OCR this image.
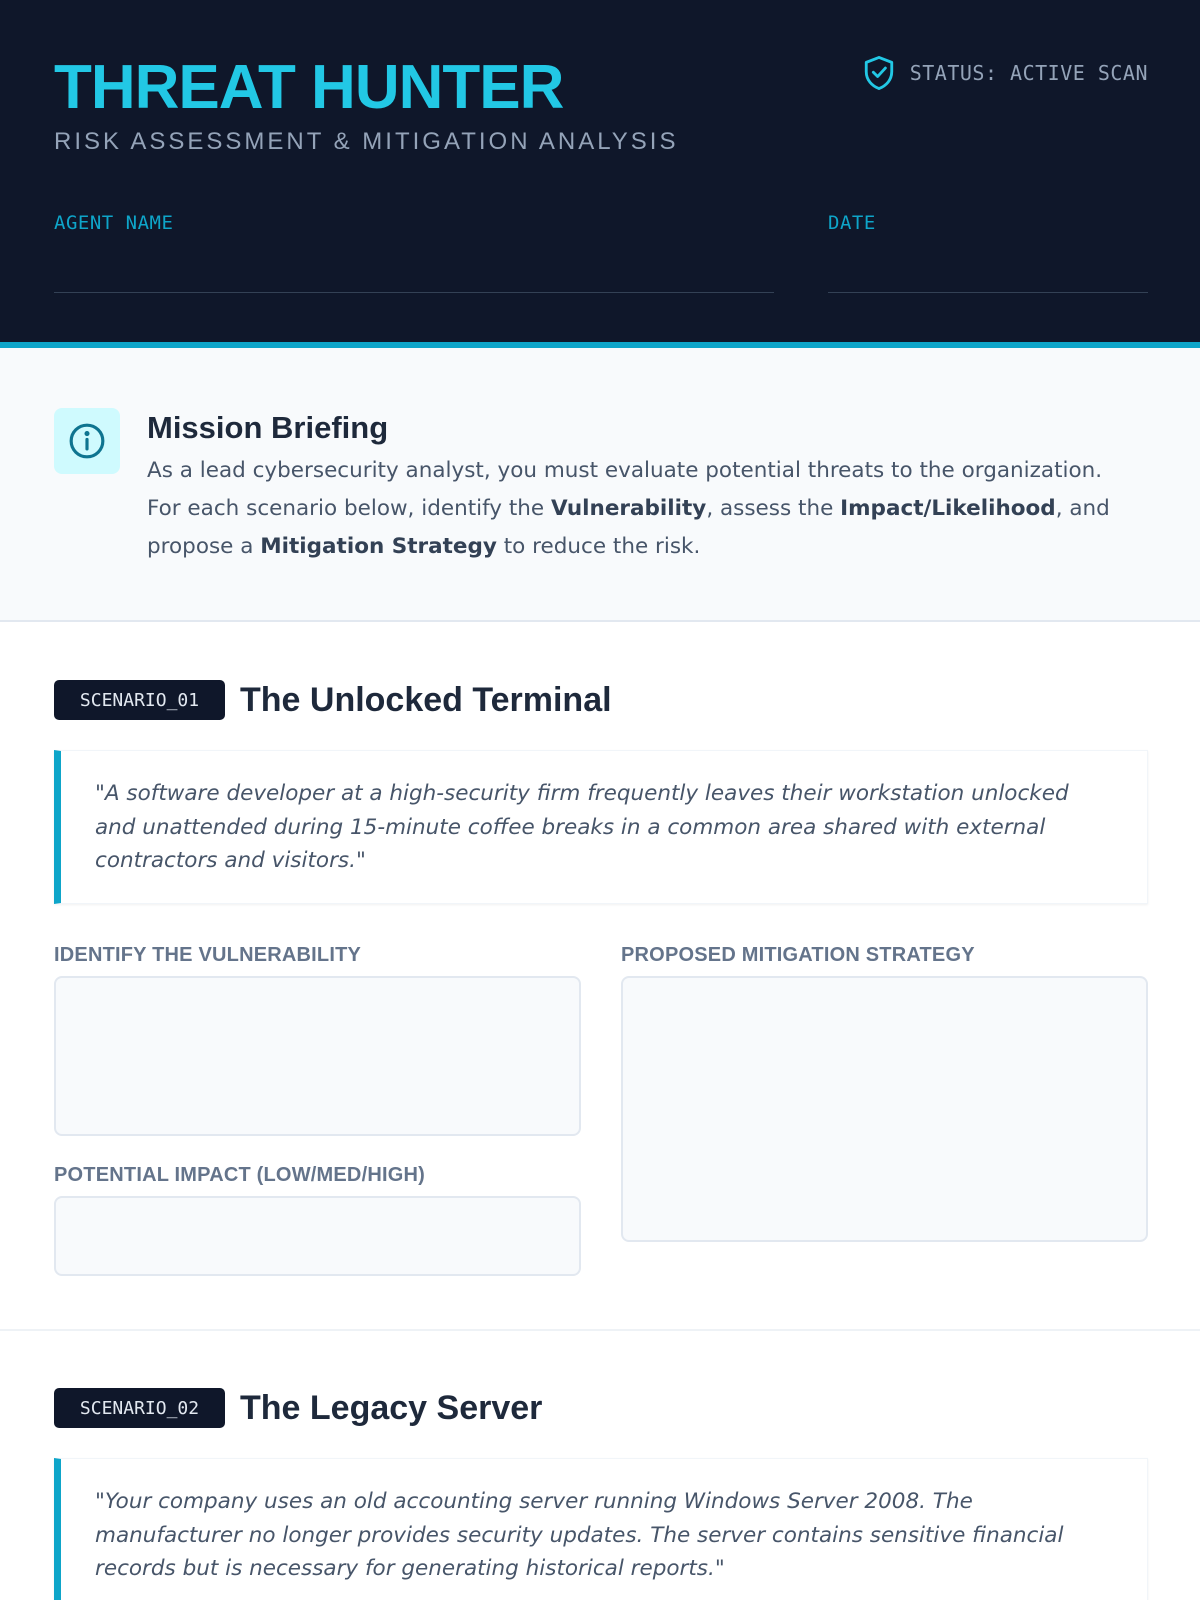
THREAT HUNTER
RISK ASSESSMENT & MITIGATION ANALYSIS
STATUS: ACTIVE SCAN
AGENT NAME	DATE
Mission Briefing
As a lead cybersecurity analyst, you must evaluate potential threats to the organization.
For each scenario below, identify the Vulnerability, assess the Impact/Likelihood, and
propose a Mitigation Strategy to reduce the risk.
SCENARIO_01	The Unlocked Terminal
"A software developer at a high-security firm frequently leaves their workstation unlocked and unattended during 15-minute coffee breaks in a common area shared with external contractors and visitors."
IDENTIFY THE VULNERABILITY
POTENTIAL IMPACT (LOW/MED/HIGH)
PROPOSED MITIGATION STRATEGY
SCENARIO_02	The Legacy Server
"Your company uses an old accounting server running Windows Server 2008. The manufacturer no longer provides security updates. The server contains sensitive financial records but is necessary for generating historical reports."
